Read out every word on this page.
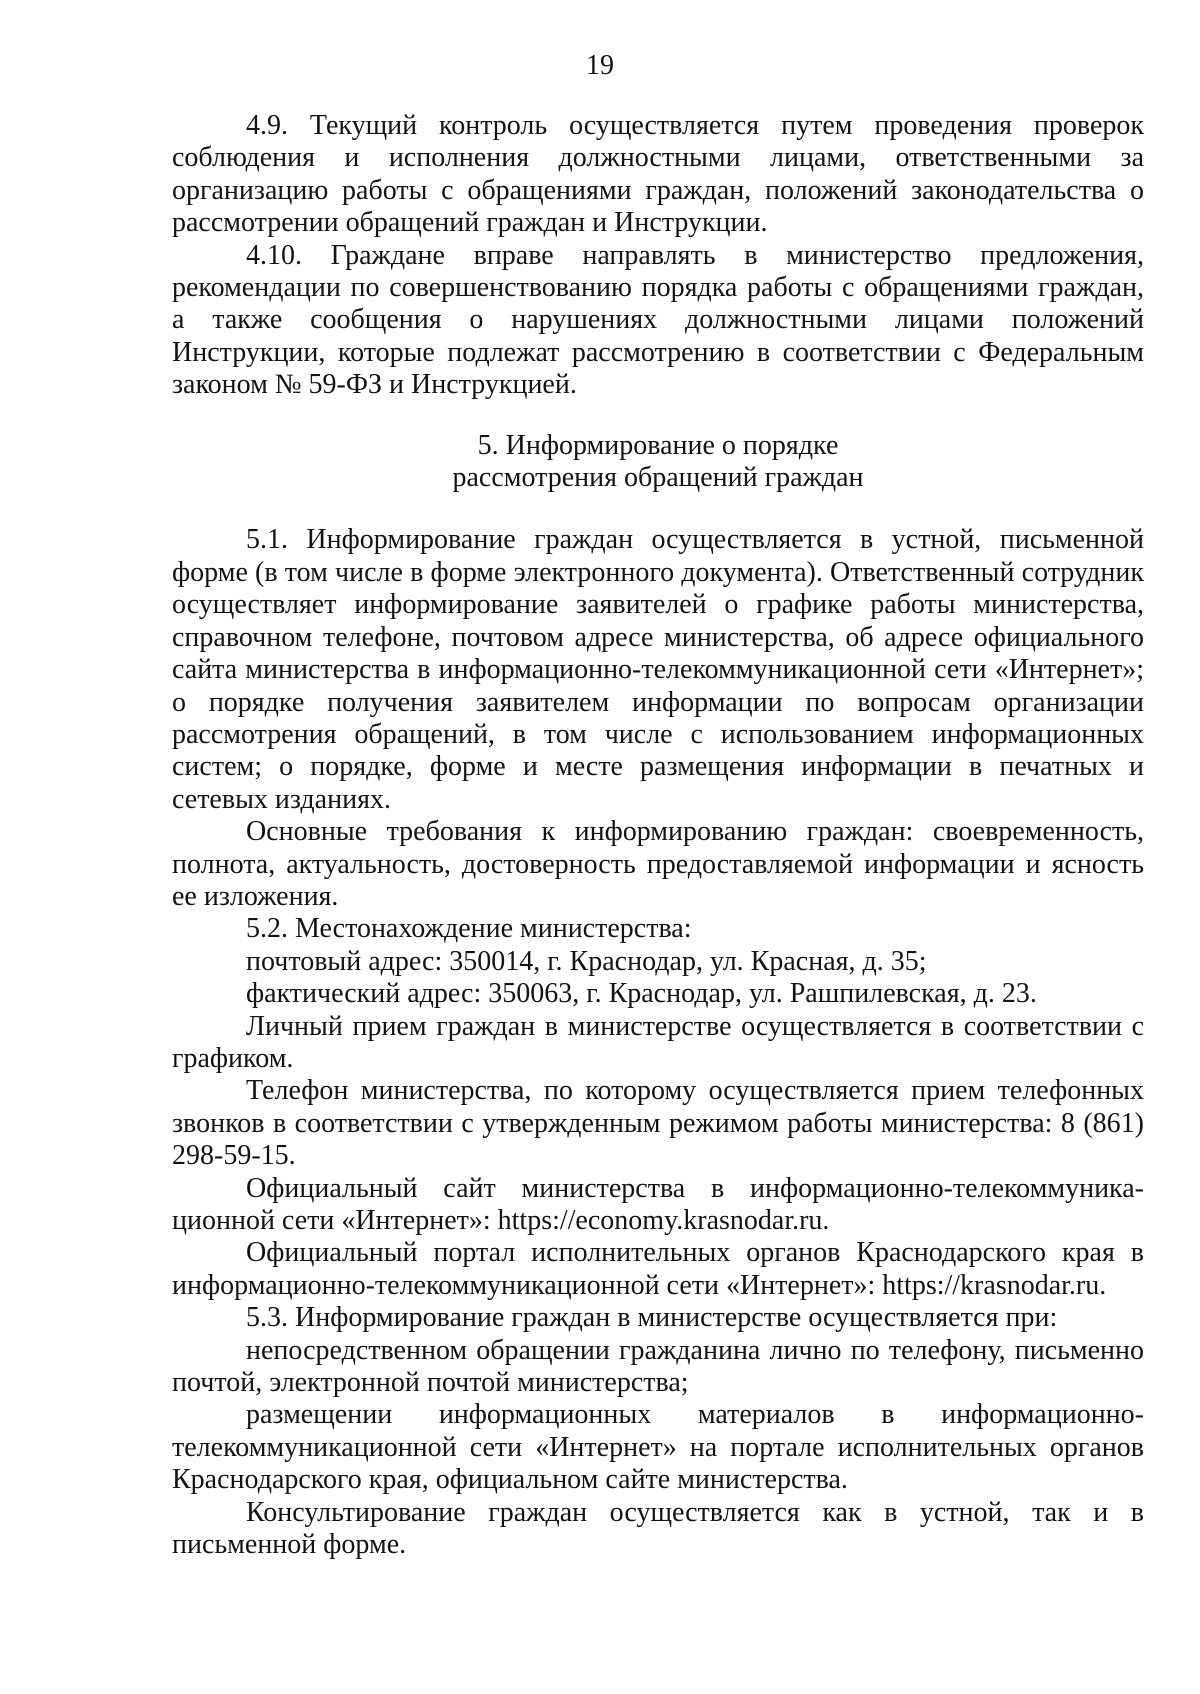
19

4.9. Текущий контроль осуществляется путем проведения проверок соблюдения и исполнения должностными лицами, ответственными за организацию работы с обращениями граждан, положений законодательства о рассмотрении обращений граждан и Инструкции.

4.10. Граждане вправе направлять в министерство предложения, рекомендации по совершенствованию порядка работы с обращениями граждан, а также сообщения о нарушениях должностными лицами положений Инструкции, которые подлежат рассмотрению в соответствии с Федеральным законом № 59-ФЗ и Инструкцией.

5. Информирование о порядке
рассмотрения обращений граждан

5.1. Информирование граждан осуществляется в устной, письменной форме (в том числе в форме электронного документа). Ответственный сотрудник осуществляет информирование заявителей о графике работы министерства, справочном телефоне, почтовом адресе министерства, об адресе официального сайта министерства в информационно-телекоммуникационной сети «Интернет»; о порядке получения заявителем информации по вопросам организации рассмотрения обращений, в том числе с использованием информационных систем; о порядке, форме и месте размещения информации в печатных и сетевых изданиях.

Основные требования к информированию граждан: своевременность, полнота, актуальность, достоверность предоставляемой информации и ясность ее изложения.

5.2. Местонахождение министерства:

почтовый адрес: 350014, г. Краснодар, ул. Красная, д. 35;

фактический адрес: 350063, г. Краснодар, ул. Рашпилевская, д. 23.

Личный прием граждан в министерстве осуществляется в соответствии с графиком.

Телефон министерства, по которому осуществляется прием телефонных звонков в соответствии с утвержденным режимом работы министерства: 8 (861) 298-59-15.

Официальный сайт министерства в информационно-телекоммуника-ционной сети «Интернет»: https://economy.krasnodar.ru.

Официальный портал исполнительных органов Краснодарского края в информационно-телекоммуникационной сети «Интернет»: https://krasnodar.ru.

5.3. Информирование граждан в министерстве осуществляется при:

непосредственном обращении гражданина лично по телефону, письменно почтой, электронной почтой министерства;

размещении информационных материалов в информационно-телекоммуникационной сети «Интернет» на портале исполнительных органов Краснодарского края, официальном сайте министерства.

Консультирование граждан осуществляется как в устной, так и в письменной форме.
